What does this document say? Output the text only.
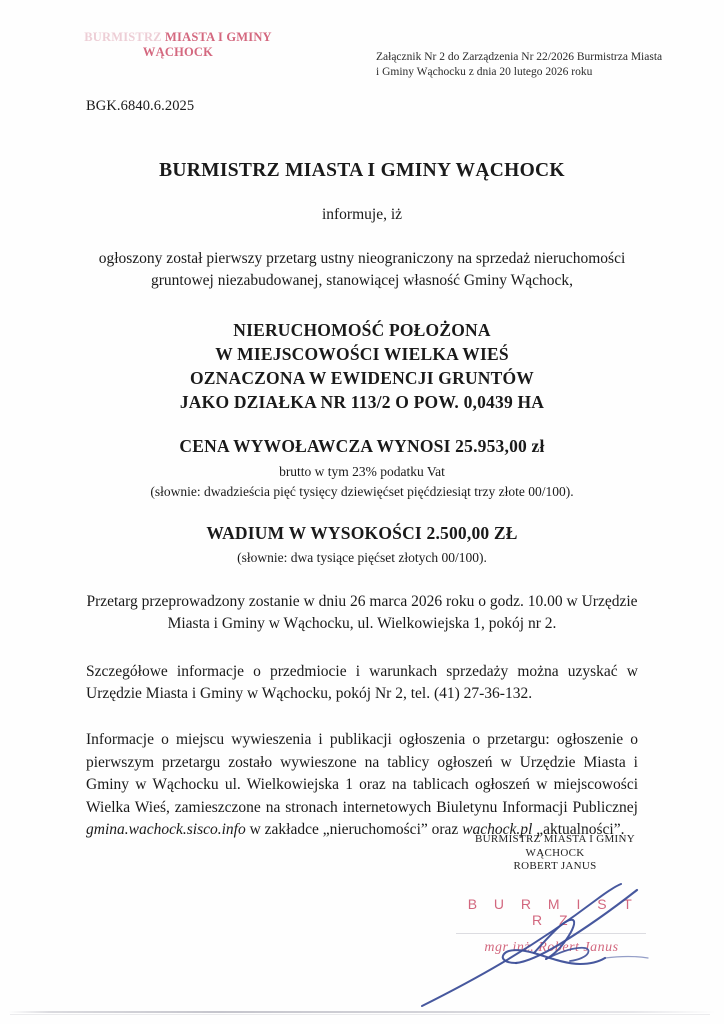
BURMISTRZ MIASTA I GMINY
WĄCHOCK	Załącznik Nr 2 do Zarządzenia Nr 22/2026 Burmistrza Miasta i Gminy Wąchocku z dnia 20 lutego 2026 roku
BGK.6840.6.2025
BURMISTRZ MIASTA I GMINY WĄCHOCK

informuje, iż

ogłoszony został pierwszy przetarg ustny nieograniczony na sprzedaż nieruchomości gruntowej niezabudowanej, stanowiącej własność Gminy Wąchock,

NIERUCHOMOŚĆ POŁOŻONA
W MIEJSCOWOŚCI WIELKA WIEŚ
OZNACZONA W EWIDENCJI GRUNTÓW
JAKO DZIAŁKA NR 113/2 O POW. 0,0439 HA

CENA WYWOŁAWCZA WYNOSI 25.953,00 zł

brutto w tym 23% podatku Vat

(słownie: dwadzieścia pięć tysięcy dziewięćset pięćdziesiąt trzy złote 00/100).

WADIUM W WYSOKOŚCI 2.500,00 ZŁ

(słownie: dwa tysiące pięćset złotych 00/100).

Przetarg przeprowadzony zostanie w dniu 26 marca 2026 roku o godz. 10.00 w Urzędzie Miasta i Gminy w Wąchocku, ul. Wielkowiejska 1, pokój nr 2.

Szczegółowe informacje o przedmiocie i warunkach sprzedaży można uzyskać w Urzędzie Miasta i Gminy w Wąchocku, pokój Nr 2, tel. (41) 27-36-132.

Informacje o miejscu wywieszenia i publikacji ogłoszenia o przetargu: ogłoszenie o pierwszym przetargu zostało wywieszone na tablicy ogłoszeń w Urzędzie Miasta i Gminy w Wąchocku ul. Wielkowiejska 1 oraz na tablicach ogłoszeń w miejscowości Wielka Wieś, zamieszczone na stronach internetowych Biuletynu Informacji Publicznej gmina.wachock.sisco.info w zakładce „nieruchomości” oraz wachock.pl „aktualności”.

BURMISTRZ MIASTA I GMINY
WĄCHOCK
ROBERT JANUS
B U R M I S T R Z
mgr inż. Robert Janus
